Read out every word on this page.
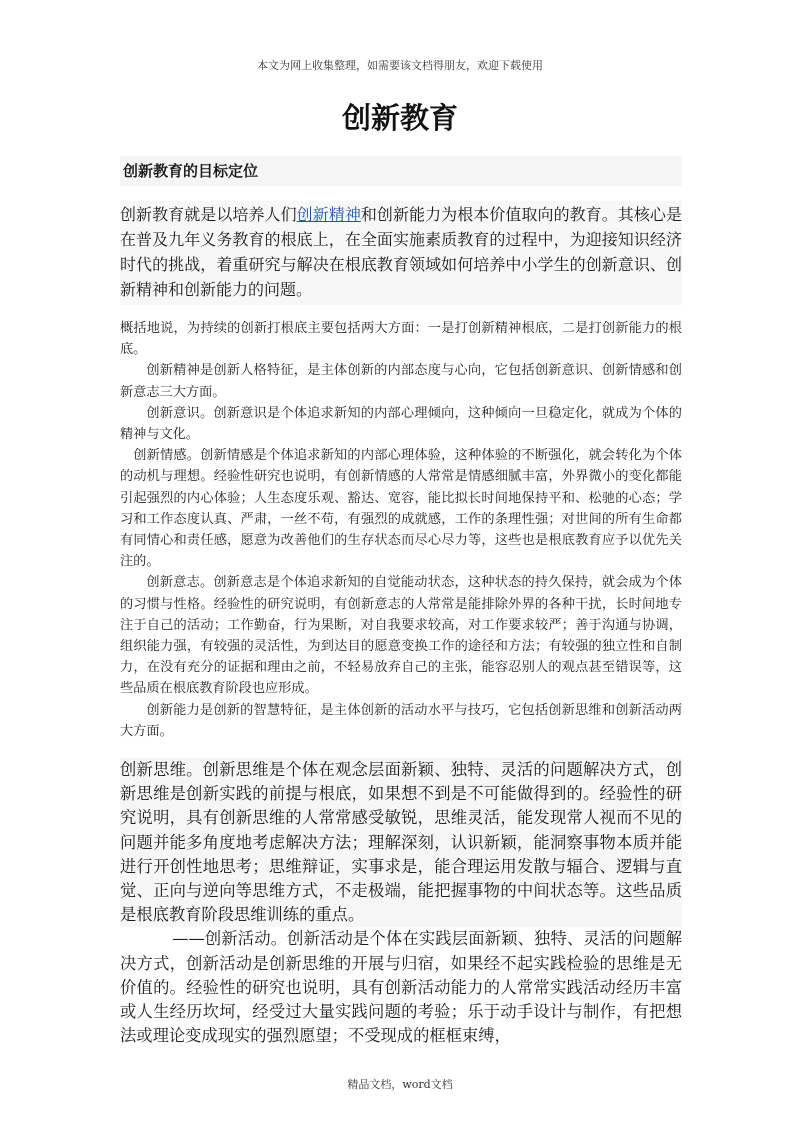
本文为网上收集整理，如需要该文档得朋友，欢迎下载使用
创新教育
创新教育的目标定位

创新教育就是以培养人们创新精神和创新能力为根本价值取向的教育。其核心是在普及九年义务教育的根底上，在全面实施素质教育的过程中，为迎接知识经济时代的挑战，着重研究与解决在根底教育领域如何培养中小学生的创新意识、创新精神和创新能力的问题。

概括地说，为持续的创新打根底主要包括两大方面：一是打创新精神根底，二是打创新能力的根底。

创新精神是创新人格特征，是主体创新的内部态度与心向，它包括创新意识、创新情感和创新意志三大方面。

创新意识。创新意识是个体追求新知的内部心理倾向，这种倾向一旦稳定化，就成为个体的精神与文化。

创新情感。创新情感是个体追求新知的内部心理体验，这种体验的不断强化，就会转化为个体的动机与理想。经验性研究也说明，有创新情感的人常常是情感细腻丰富，外界微小的变化都能引起强烈的内心体验；人生态度乐观、豁达、宽容，能比拟长时间地保持平和、松驰的心态；学习和工作态度认真、严肃，一丝不苟，有强烈的成就感，工作的条理性强；对世间的所有生命都有同情心和责任感，愿意为改善他们的生存状态而尽心尽力等，这些也是根底教育应予以优先关注的。

创新意志。创新意志是个体追求新知的自觉能动状态，这种状态的持久保持，就会成为个体的习惯与性格。经验性的研究说明，有创新意志的人常常是能排除外界的各种干扰，长时间地专注于自己的活动；工作勤奋，行为果断，对自我要求较高，对工作要求较严；善于沟通与协调，组织能力强，有较强的灵活性，为到达目的愿意变换工作的途径和方法；有较强的独立性和自制力，在没有充分的证据和理由之前，不轻易放弃自己的主张，能容忍别人的观点甚至错误等，这些品质在根底教育阶段也应形成。

创新能力是创新的智慧特征，是主体创新的活动水平与技巧，它包括创新思维和创新活动两大方面。

创新思维。创新思维是个体在观念层面新颖、独特、灵活的问题解决方式，创新思维是创新实践的前提与根底，如果想不到是不可能做得到的。经验性的研究说明，具有创新思维的人常常感受敏锐，思维灵活，能发现常人视而不见的问题并能多角度地考虑解决方法；理解深刻，认识新颖，能洞察事物本质并能进行开创性地思考；思维辩证，实事求是，能合理运用发散与辐合、逻辑与直觉、正向与逆向等思维方式，不走极端，能把握事物的中间状态等。这些品质是根底教育阶段思维训练的重点。

——创新活动。创新活动是个体在实践层面新颖、独特、灵活的问题解决方式，创新活动是创新思维的开展与归宿，如果经不起实践检验的思维是无价值的。经验性的研究也说明，具有创新活动能力的人常常实践活动经历丰富或人生经历坎坷，经受过大量实践问题的考验；乐于动手设计与制作，有把想法或理论变成现实的强烈愿望；不受现成的框框束缚，

精品文档，word文档
